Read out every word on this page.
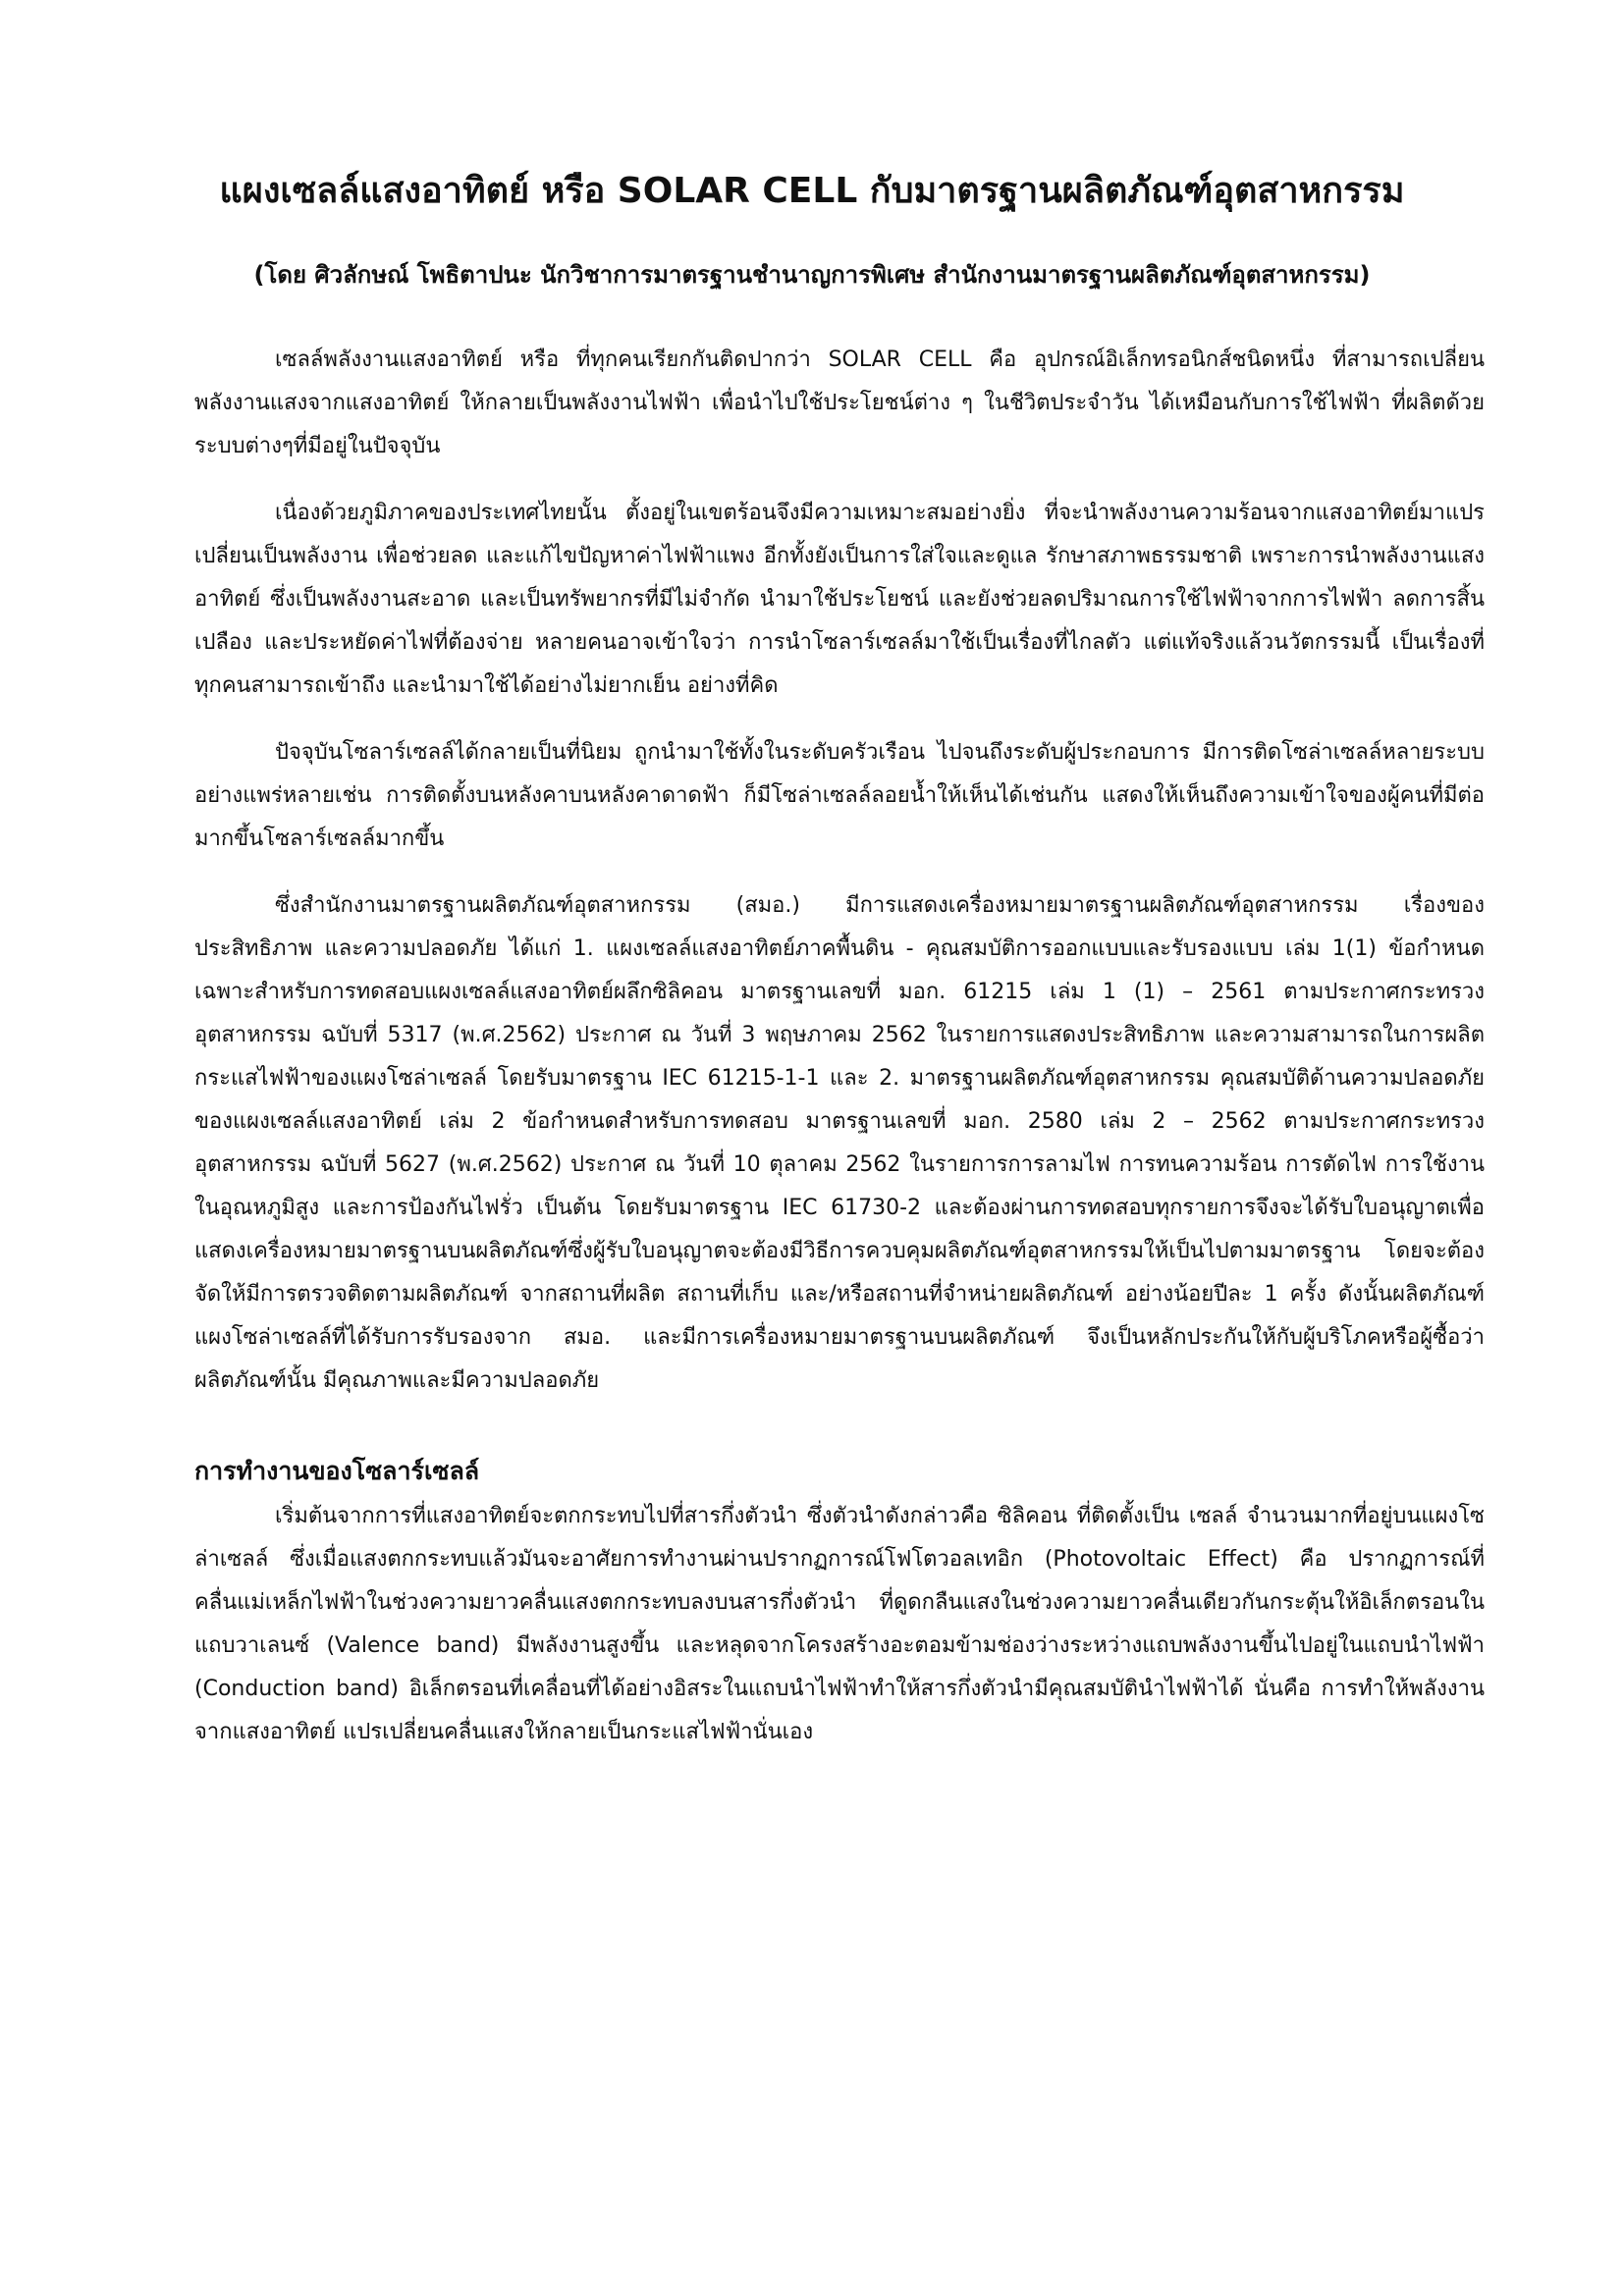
แผงเซลล์แสงอาทิตย์ หรือ SOLAR CELL กับมาตรฐานผลิตภัณฑ์อุตสาหกรรม

(โดย ศิวลักษณ์ โพธิตาปนะ นักวิชาการมาตรฐานชำนาญการพิเศษ สำนักงานมาตรฐานผลิตภัณฑ์อุตสาหกรรม)

เซลล์พลังงานแสงอาทิตย์ หรือ ที่ทุกคนเรียกกันติดปากว่า SOLAR CELL คือ อุปกรณ์อิเล็กทรอนิกส์ชนิดหนึ่ง ที่สามารถเปลี่ยนพลังงานแสงจากแสงอาทิตย์ ให้กลายเป็นพลังงานไฟฟ้า เพื่อนำไปใช้ประโยชน์ต่าง ๆ ในชีวิตประจำวัน ได้เหมือนกับการใช้ไฟฟ้า ที่ผลิตด้วยระบบต่างๆที่มีอยู่ในปัจจุบัน

เนื่องด้วยภูมิภาคของประเทศไทยนั้น ตั้งอยู่ในเขตร้อนจึงมีความเหมาะสมอย่างยิ่ง ที่จะนำพลังงานความร้อนจากแสงอาทิตย์มาแปรเปลี่ยนเป็นพลังงาน เพื่อช่วยลด และแก้ไขปัญหาค่าไฟฟ้าแพง อีกทั้งยังเป็นการใส่ใจและดูแล รักษาสภาพธรรมชาติ เพราะการนำพลังงานแสงอาทิตย์ ซึ่งเป็นพลังงานสะอาด และเป็นทรัพยากรที่มีไม่จำกัด นำมาใช้ประโยชน์ และยังช่วยลดปริมาณการใช้ไฟฟ้าจากการไฟฟ้า ลดการสิ้นเปลือง และประหยัดค่าไฟที่ต้องจ่าย หลายคนอาจเข้าใจว่า การนำโซลาร์เซลล์มาใช้เป็นเรื่องที่ไกลตัว แต่แท้จริงแล้วนวัตกรรมนี้ เป็นเรื่องที่ทุกคนสามารถเข้าถึง และนำมาใช้ได้อย่างไม่ยากเย็น อย่างที่คิด

ปัจจุบันโซลาร์เซลล์ได้กลายเป็นที่นิยม ถูกนำมาใช้ทั้งในระดับครัวเรือน ไปจนถึงระดับผู้ประกอบการ มีการติดโซล่าเซลล์หลายระบบอย่างแพร่หลายเช่น การติดตั้งบนหลังคาบนหลังคาดาดฟ้า ก็มีโซล่าเซลล์ลอยน้ำให้เห็นได้เช่นกัน แสดงให้เห็นถึงความเข้าใจของผู้คนที่มีต่อมากขึ้นโซลาร์เซลล์มากขึ้น

ซึ่งสำนักงานมาตรฐานผลิตภัณฑ์อุตสาหกรรม (สมอ.) มีการแสดงเครื่องหมายมาตรฐานผลิตภัณฑ์อุตสาหกรรม เรื่องของประสิทธิภาพ และความปลอดภัย ได้แก่ 1. แผงเซลล์แสงอาทิตย์ภาคพื้นดิน - คุณสมบัติการออกแบบและรับรองแบบ เล่ม 1(1) ข้อกำหนดเฉพาะสำหรับการทดสอบแผงเซลล์แสงอาทิตย์ผลึกซิลิคอน มาตรฐานเลขที่ มอก. 61215 เล่ม 1 (1) – 2561 ตามประกาศกระทรวงอุตสาหกรรม ฉบับที่ 5317 (พ.ศ.2562) ประกาศ ณ วันที่ 3 พฤษภาคม 2562 ในรายการแสดงประสิทธิภาพ และความสามารถในการผลิตกระแสไฟฟ้าของแผงโซล่าเซลล์ โดยรับมาตรฐาน IEC 61215-1-1 และ 2. มาตรฐานผลิตภัณฑ์อุตสาหกรรม คุณสมบัติด้านความปลอดภัยของแผงเซลล์แสงอาทิตย์ เล่ม 2 ข้อกำหนดสำหรับการทดสอบ มาตรฐานเลขที่ มอก. 2580 เล่ม 2 – 2562 ตามประกาศกระทรวงอุตสาหกรรม ฉบับที่ 5627 (พ.ศ.2562) ประกาศ ณ วันที่ 10 ตุลาคม 2562 ในรายการการลามไฟ การทนความร้อน การตัดไฟ การใช้งานในอุณหภูมิสูง และการป้องกันไฟรั่ว เป็นต้น โดยรับมาตรฐาน IEC 61730-2 และต้องผ่านการทดสอบทุกรายการจึงจะได้รับใบอนุญาตเพื่อแสดงเครื่องหมายมาตรฐานบนผลิตภัณฑ์ซึ่งผู้รับใบอนุญาตจะต้องมีวิธีการควบคุมผลิตภัณฑ์อุตสาหกรรมให้เป็นไปตามมาตรฐาน โดยจะต้องจัดให้มีการตรวจติดตามผลิตภัณฑ์ จากสถานที่ผลิต สถานที่เก็บ และ/หรือสถานที่จำหน่ายผลิตภัณฑ์ อย่างน้อยปีละ 1 ครั้ง ดังนั้นผลิตภัณฑ์แผงโซล่าเซลล์ที่ได้รับการรับรองจาก สมอ. และมีการเครื่องหมายมาตรฐานบนผลิตภัณฑ์ จึงเป็นหลักประกันให้กับผู้บริโภคหรือผู้ซื้อว่าผลิตภัณฑ์นั้น มีคุณภาพและมีความปลอดภัย

การทำงานของโซลาร์เซลล์

เริ่มต้นจากการที่แสงอาทิตย์จะตกกระทบไปที่สารกึ่งตัวนำ ซึ่งตัวนำดังกล่าวคือ ซิลิคอน ที่ติดตั้งเป็น เซลล์ จำนวนมากที่อยู่บนแผงโซล่าเซลล์ ซึ่งเมื่อแสงตกกระทบแล้วมันจะอาศัยการทำงานผ่านปรากฏการณ์โฟโตวอลเทอิก (Photovoltaic Effect) คือ ปรากฏการณ์ที่คลื่นแม่เหล็กไฟฟ้าในช่วงความยาวคลื่นแสงตกกระทบลงบนสารกึ่งตัวนำ ที่ดูดกลืนแสงในช่วงความยาวคลื่นเดียวกันกระตุ้นให้อิเล็กตรอนในแถบวาเลนซ์ (Valence band) มีพลังงานสูงขึ้น และหลุดจากโครงสร้างอะตอมข้ามช่องว่างระหว่างแถบพลังงานขึ้นไปอยู่ในแถบนำไฟฟ้า (Conduction band) อิเล็กตรอนที่เคลื่อนที่ได้อย่างอิสระในแถบนำไฟฟ้าทำให้สารกึ่งตัวนำมีคุณสมบัตินำไฟฟ้าได้ นั่นคือ การทำให้พลังงานจากแสงอาทิตย์ แปรเปลี่ยนคลื่นแสงให้กลายเป็นกระแสไฟฟ้านั่นเอง
